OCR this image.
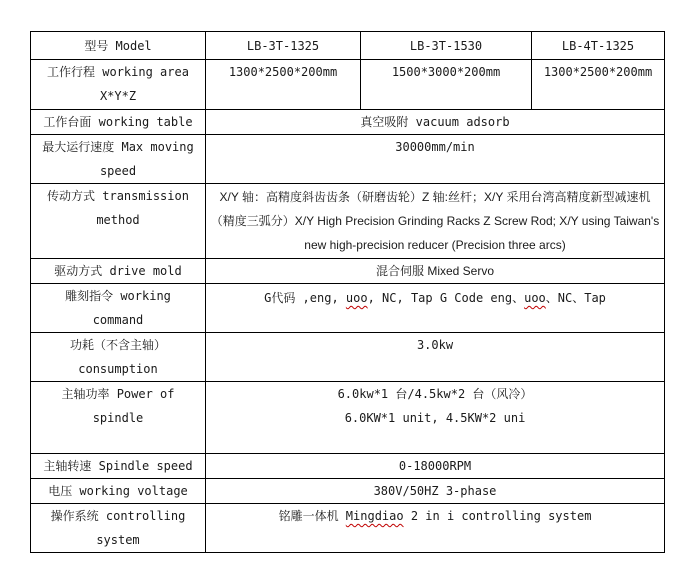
型号 Model	LB-3T-1325	LB-3T-1530	LB-4T-1325
工作行程 working area X*Y*Z	1300*2500*200mm	1500*3000*200mm	1300*2500*200mm
工作台面 working table	真空吸附 vacuum adsorb		
最大运行速度 Max moving speed	30000mm/min		
传动方式 transmission method	X/Y 轴：高精度斜齿齿条（研磨齿轮）Z 轴:丝杆；X/Y 采用台湾高精度新型减速机（精度三弧分）X/Y High Precision Grinding Racks Z Screw Rod; X/Y using Taiwan's new high-precision reducer (Precision three arcs)		
驱动方式 drive mold	混合伺服 Mixed Servo		
雕刻指令 working command	G代码 ,eng, uoo, NC, Tap G Code eng、uoo、NC、Tap		
功耗（不含主轴）consumption	3.0kw		
主轴功率 Power of spindle	6.0kw*1 台/4.5kw*2 台（风冷）
6.0KW*1 unit, 4.5KW*2 uni		

主轴转速 Spindle speed	0-18000RPM		
电压 working voltage	380V/50HZ 3-phase		
操作系统 controlling system	铭雕一体机 Mingdiao 2 in i controlling system		
